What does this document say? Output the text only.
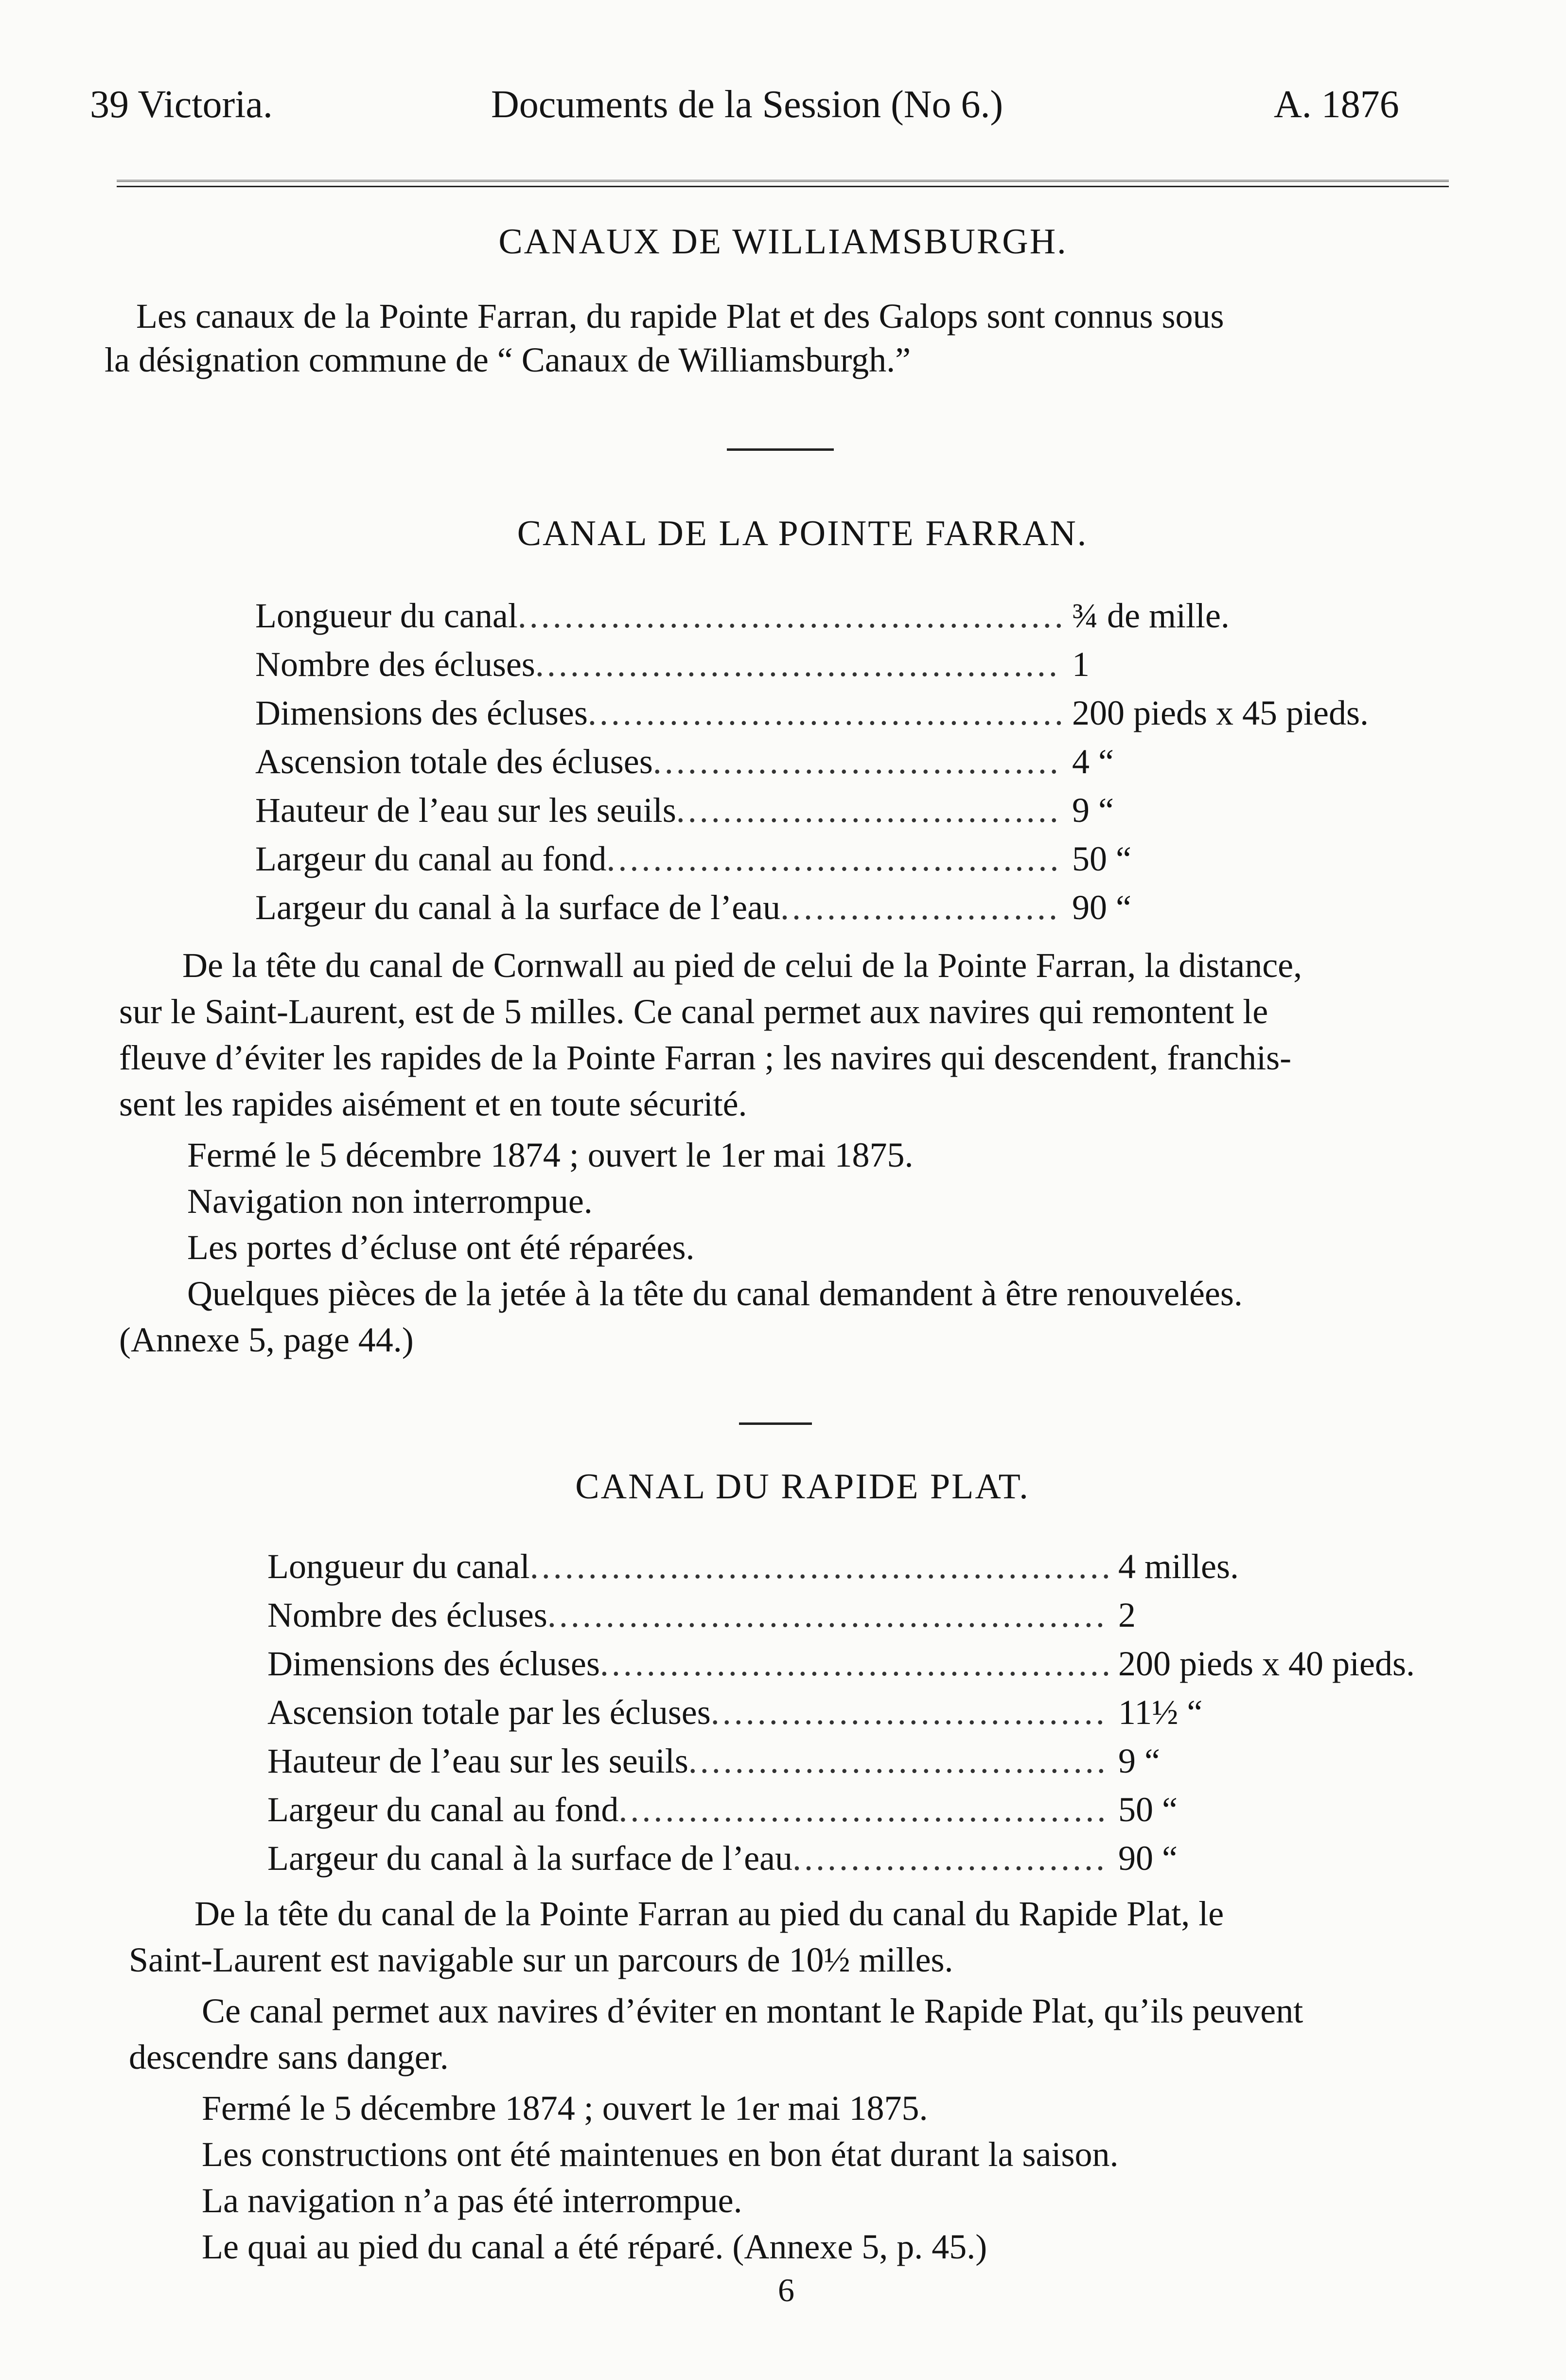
39 Victoria.	Documents de la Session (No 6.)	A. 1876
CANAUX DE WILLIAMSBURGH.
Les canaux de la Pointe Farran, du rapide Plat et des Galops sont connus sous
la désignation commune de “ Canaux de Williamsburgh.”
CANAL DE LA POINTE FARRAN.
Longueur du canal .....	¾ de mille.
Nombre des écluses .....	1
Dimensions des écluses .....	200 pieds x 45 pieds.
Ascension totale des écluses .....	4 “
Hauteur de l’eau sur les seuils .....	9 “
Largeur du canal au fond .....	50 “
Largeur du canal à la surface de l’eau .....	90 “
De la tête du canal de Cornwall au pied de celui de la Pointe Farran, la distance,
sur le Saint-Laurent, est de 5 milles. Ce canal permet aux navires qui remontent le
fleuve d’éviter les rapides de la Pointe Farran ; les navires qui descendent, franchis-
sent les rapides aisément et en toute sécurité.
Fermé le 5 décembre 1874 ; ouvert le 1er mai 1875.
Navigation non interrompue.
Les portes d’écluse ont été réparées.
Quelques pièces de la jetée à la tête du canal demandent à être renouvelées.
(Annexe 5, page 44.)
CANAL DU RAPIDE PLAT.
Longueur du canal .....	4 milles.
Nombre des écluses .....	2
Dimensions des écluses .....	200 pieds x 40 pieds.
Ascension totale par les écluses .....	11½ “
Hauteur de l’eau sur les seuils .....	9 “
Largeur du canal au fond .....	50 “
Largeur du canal à la surface de l’eau .....	90 “
De la tête du canal de la Pointe Farran au pied du canal du Rapide Plat, le
Saint-Laurent est navigable sur un parcours de 10½ milles.
Ce canal permet aux navires d’éviter en montant le Rapide Plat, qu’ils peuvent
descendre sans danger.
Fermé le 5 décembre 1874 ; ouvert le 1er mai 1875.
Les constructions ont été maintenues en bon état durant la saison.
La navigation n’a pas été interrompue.
Le quai au pied du canal a été réparé. (Annexe 5, p. 45.)
6
